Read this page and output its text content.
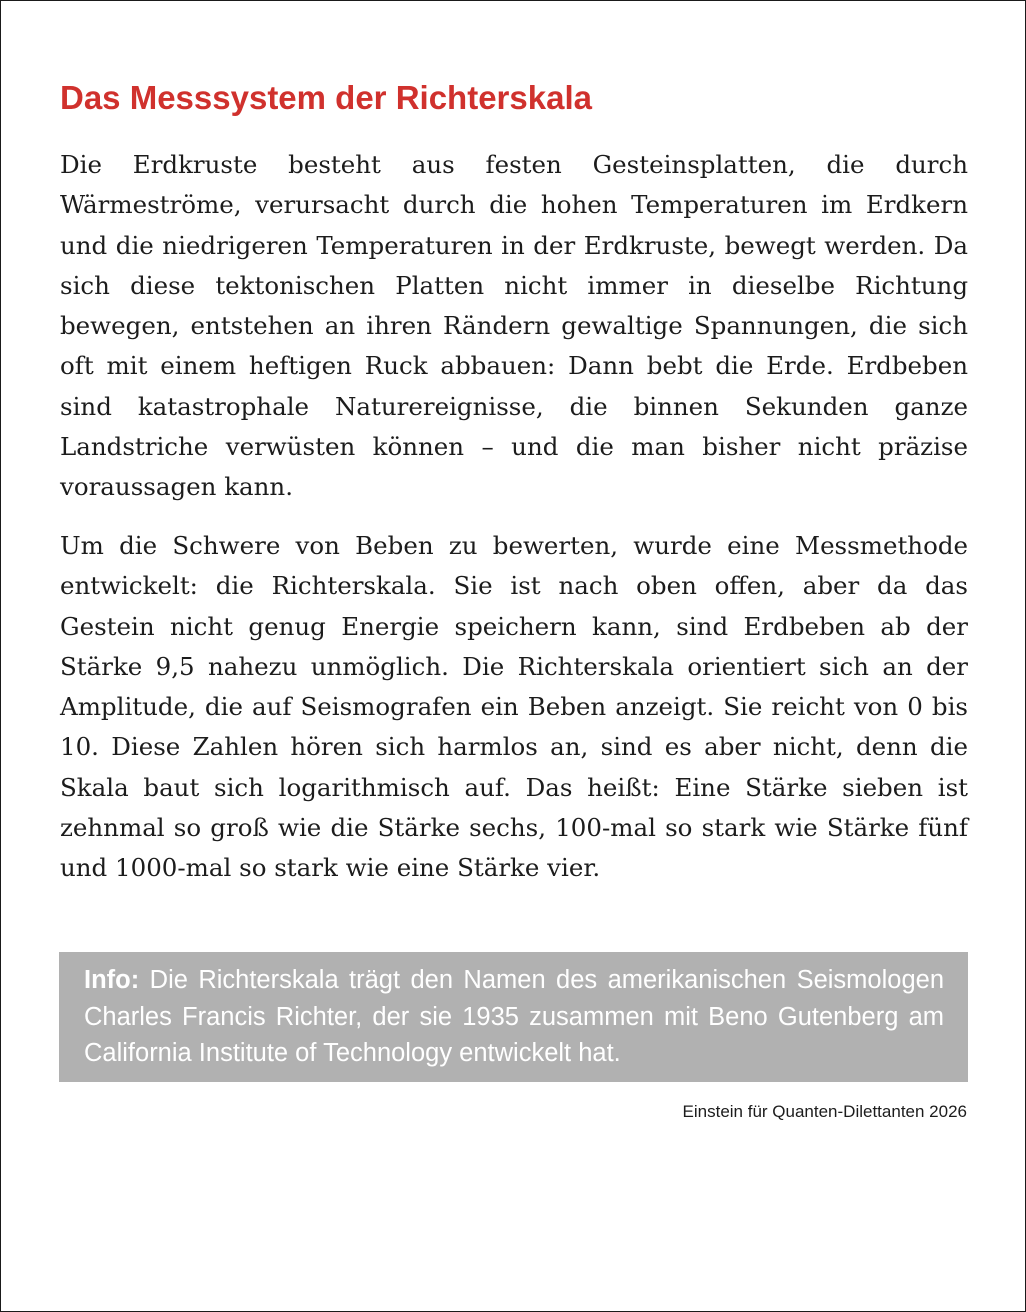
Das Messsystem der Richterskala

Die Erdkruste besteht aus festen Gesteinsplatten, die durch Wärmeströme, verursacht durch die hohen Temperaturen im Erdkern und die niedrigeren Temperaturen in der Erdkruste, bewegt werden. Da sich diese tektonischen Platten nicht immer in dieselbe Richtung bewegen, entstehen an ihren Rändern gewaltige Spannungen, die sich oft mit einem heftigen Ruck abbauen: Dann bebt die Erde. Erdbeben sind katastrophale Naturereignisse, die binnen Sekunden ganze Landstriche verwüsten können – und die man bisher nicht präzise voraussagen kann.

Um die Schwere von Beben zu bewerten, wurde eine Messmethode entwickelt: die Richterskala. Sie ist nach oben offen, aber da das Gestein nicht genug Energie speichern kann, sind Erdbeben ab der Stärke 9,5 nahezu unmöglich. Die Richterskala orientiert sich an der Amplitude, die auf Seismografen ein Beben anzeigt. Sie reicht von 0 bis 10. Diese Zahlen hören sich harmlos an, sind es aber nicht, denn die Skala baut sich logarithmisch auf. Das heißt: Eine Stärke sieben ist zehnmal so groß wie die Stärke sechs, 100-mal so stark wie Stärke fünf und 1000-mal so stark wie eine Stärke vier.

Info: Die Richterskala trägt den Namen des amerikanischen Seismologen Charles Francis Richter, der sie 1935 zusammen mit Beno Gutenberg am California Institute of Technology entwickelt hat.

Einstein für Quanten-Dilettanten 2026
